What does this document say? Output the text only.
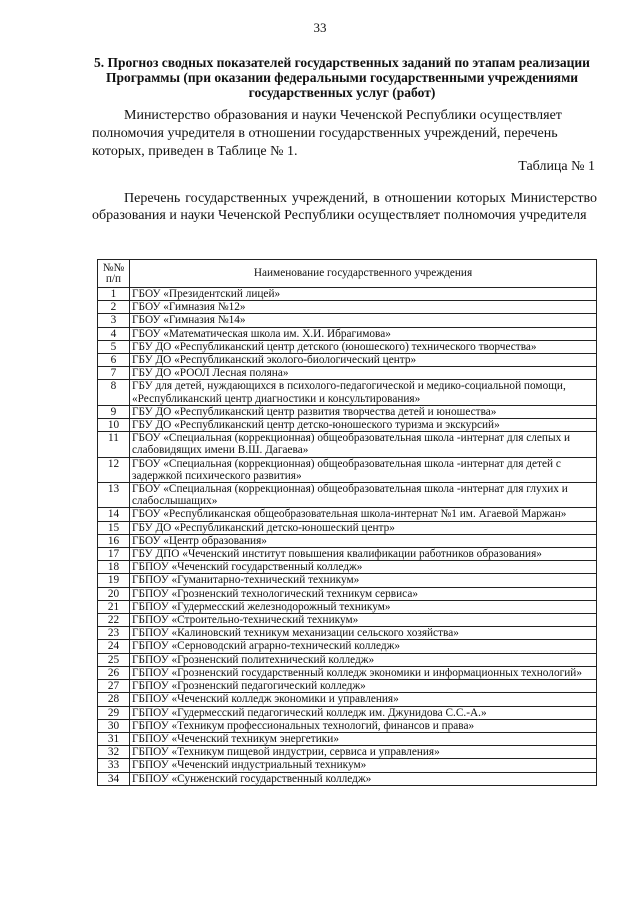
33
5. Прогноз сводных показателей государственных заданий по этапам реализации Программы (при оказании федеральными государственными учреждениями государственных услуг (работ)

Министерство образования и науки Чеченской Республики осуществляет полномочия учредителя в отношении государственных учреждений, перечень которых, приведен в Таблице № 1.

Таблица № 1

Перечень государственных учреждений, в отношении которых Министерство образования и науки Чеченской Республики осуществляет полномочия учредителя

№№ п/п	Наименование государственного учреждения
1	ГБОУ «Президентский лицей»
2	ГБОУ «Гимназия №12»
3	ГБОУ «Гимназия №14»
4	ГБОУ «Математическая школа им. Х.И. Ибрагимова»
5	ГБУ ДО «Республиканский центр детского (юношеского) технического творчества»
6	ГБУ ДО «Республиканский эколого-биологический центр»
7	ГБУ ДО «РООЛ Лесная поляна»
8	ГБУ для детей, нуждающихся в психолого-педагогической и медико-социальной помощи, «Республиканский центр диагностики и консультирования»
9	ГБУ ДО «Республиканский центр развития творчества детей и юношества»
10	ГБУ ДО «Республиканский центр детско-юношеского туризма и экскурсий»
11	ГБОУ «Специальная (коррекционная) общеобразовательная школа -интернат для слепых и слабовидящих имени В.Ш. Дагаева»
12	ГБОУ «Специальная (коррекционная) общеобразовательная школа -интернат для детей с задержкой психического развития»
13	ГБОУ «Специальная (коррекционная) общеобразовательная школа -интернат для глухих и слабослышащих»
14	ГБОУ «Республиканская общеобразовательная школа-интернат №1 им. Агаевой Маржан»
15	ГБУ ДО «Республиканский детско-юношеский центр»
16	ГБОУ «Центр образования»
17	ГБУ ДПО «Чеченский институт повышения квалификации работников образования»
18	ГБПОУ «Чеченский государственный колледж»
19	ГБПОУ «Гуманитарно-технический техникум»
20	ГБПОУ «Грозненский технологический техникум сервиса»
21	ГБПОУ «Гудермесский железнодорожный техникум»
22	ГБПОУ «Строительно-технический техникум»
23	ГБПОУ «Калиновский техникум механизации сельского хозяйства»
24	ГБПОУ «Серноводский аграрно-технический колледж»
25	ГБПОУ «Грозненский политехнический колледж»
26	ГБПОУ «Грозненский государственный колледж экономики и информационных технологий»
27	ГБПОУ «Грозненский педагогический колледж»
28	ГБПОУ «Чеченский колледж экономики и управления»
29	ГБПОУ «Гудермесский педагогический колледж им. Джунидова С.С.-А.»
30	ГБПОУ «Техникум профессиональных технологий, финансов и права»
31	ГБПОУ «Чеченский техникум энергетики»
32	ГБПОУ «Техникум пищевой индустрии, сервиса и управления»
33	ГБПОУ «Чеченский индустриальный техникум»
34	ГБПОУ «Сунженский государственный колледж»
